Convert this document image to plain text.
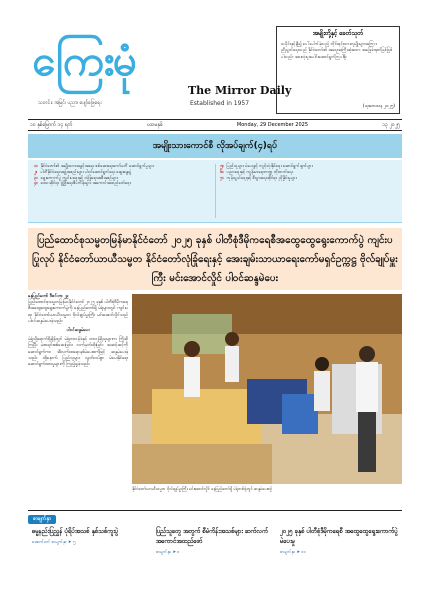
ကြေးမုံ
သတင်း၊ အမြင်၊ ပညာ၊ ဖျော်ဖြေရေး
The Mirror Daily
Established in 1957
အမျိုးတို့နှင့် ခေတ်သုတ်
သမိုင်းနှင့်ချီ၍ ပေါ်ပေါက်ခဲ့သည့် တိုင်းရင်းသားလူမျိုးများအကြား ညီညွတ်ရေးသည် နိုင်ငံတော်၏ အရေးအကြီးဆုံးသော အခြေခံအုတ်မြစ်ဖြစ်ပါသည်။ အားလုံးပူးပေါင်းဆောင်ရွက်ကြပါစို့။
(သုတေသန ၂၀၂၅)
၁၀ နှစ်မြောက် ၁၄ ရက်	ပထမနှစ်	Monday, 29 December 2025	၁၃ ၂၀၂၅
အမျိုးသားကောင်စီ လိုအပ်ချက်(၄)ရပ်
၁။ နိုင်ငံတော်၏ အမျိုးသားအခွင့်အရေး စစ်ဆေးရေးကော်မတီ ဆောင်ရွက်မှုများ
၂။ ပါတီနိုင်ငံရေးအဖွဲ့အစည်းများ ပါဝင်ဆောင်ရွက်ရေး ဆွေးနွေးပွဲ
၃။ ရွေးကောက်ပွဲ ကျင်းပရေးနှင့် လုံခြုံရေးအစီအစဉ်များ
၄။ ဒေသဆိုင်ရာ ဖွံ့ဖြိုးရေးစီမံကိန်းများ အကောင်အထည်ဖော်ရေး
၅။ ပြည်သူများ မဲပေးခွင့် ကျင့်သုံးနိုင်ရေး ဆောင်ရွက်ချက်များ
၆။ ပညာရေးနှင့် ကျန်းမာရေးကဏ္ဍ တိုးတက်ရေး
၇။ ကုန်သွယ်ရေးနှင့် စီးပွားရေးဆိုင်ရာ ညှိနှိုင်းမှုများ
ပြည်ထောင်စုသမ္မတမြန်မာနိုင်ငံတော် ၂၀၂၅ ခုနှစ် ပါတီစုံဒီမိုကရေစီအထွေထွေရွေးကောက်ပွဲ ကျင်းပပြုလုပ် နိုင်ငံတော်ယာယီသမ္မတ နိုင်ငံတော်လုံခြုံရေးနှင့် အေးချမ်းသာယာရေးကော်မရှင်ဥက္ကဋ္ဌ ဗိုလ်ချုပ်မှူးကြီး မင်းအောင်လှိုင် ပါဝင်ဆန္ဒမဲပေး
နေပြည်တော် ဒီဇင်ဘာ ၂၉
ပြည်ထောင်စုသမ္မတမြန်မာနိုင်ငံတော် ၂၀၂၅ ခုနှစ် ပါတီစုံဒီမိုကရေစီအထွေထွေရွေးကောက်ပွဲကို နေပြည်တော်ရှိ မဲရုံများတွင် ကျင်းပရာ နိုင်ငံတော်ယာယီသမ္မတ ဗိုလ်ချုပ်မှူးကြီး မင်းအောင်လှိုင်သည် ပါဝင်ဆန္ဒမဲပေးခဲ့သည်။
ပါဝင်ဆန္ဒမဲပေး
မဲရုံသို့ရောက်ရှိချိန်တွင် မဲရုံတာဝန်ခံနှင့် တာဝန်ရှိသူများက ကြိုဆိုကြပြီး မဲစာရင်းစစ်ဆေးခြင်း၊ လက်မှတ်ထိုးခြင်း အဆင့်ဆင့်ကို ဆောင်ရွက်ကာ အီလက်ထရောနစ်မဲပေးစက်ဖြင့် ဆန္ဒမဲပေးခဲ့သည်။ ထို့နောက် ပြည်သူများ လွတ်လပ်စွာ မဲပေးနိုင်ရေး ဆောင်ရွက်ထားမှုများကို ကြည့်ရှုခဲ့သည်။
နိုင်ငံတော်ယာယီသမ္မတ ဗိုလ်ချုပ်မှူးကြီး မင်းအောင်လှိုင် နေပြည်တော်ရှိ မဲရုံတစ်ရုံတွင် ဆန္ဒမဲပေးစဉ်
စာမျက်နှာ
ဓမ္မနည်းပြညွှန် ပုံရိပ်အသစ် နှစ်သစ်ကူးပွဲ
အောက်ဖက် စာမျက်နှာ ➤ ၅
ပြည်သူတွေ အတွက် စီမံကိန်းအသစ်များ ဆက်လက် အကောင်အထည်ဖော်
စာမျက်နှာ ➤ ၈
၂၀၂၅ ခုနှစ် ပါတီစုံဒီမိုကရေစီ အထွေထွေရွေးကောက်ပွဲ မဲပေးမှု
စာမျက်နှာ ➤ ၁၀
